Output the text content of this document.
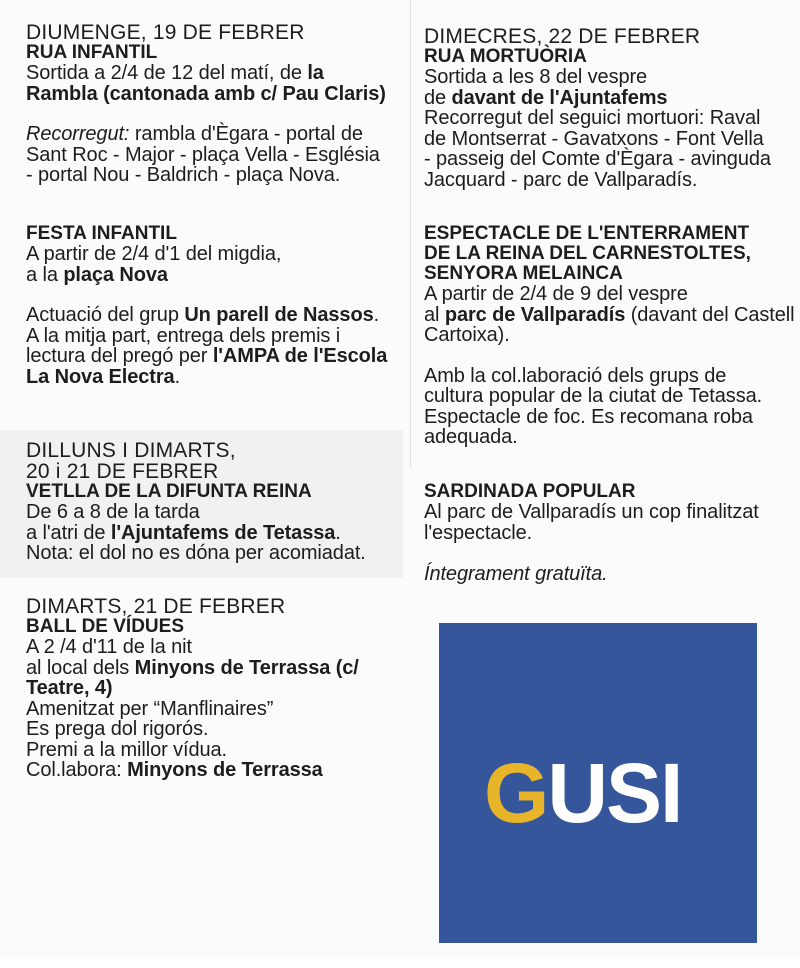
DIUMENGE, 19 DE FEBRER
RUA INFANTIL
Sortida a 2/4 de 12 del matí, de la
Rambla (cantonada amb c/ Pau Claris)
Recorregut: rambla d'Ègara - portal de
Sant Roc - Major - plaça Vella - Església
- portal Nou - Baldrich - plaça Nova.
FESTA INFANTIL
A partir de 2/4 d'1 del migdia,
a la plaça Nova
Actuació del grup Un parell de Nassos.
A la mitja part, entrega dels premis i
lectura del pregó per l'AMPA de l'Escola
La Nova Electra.
DILLUNS I DIMARTS,
20 i 21 DE FEBRER
VETLLA DE LA DIFUNTA REINA
De 6 a 8 de la tarda
a l'atri de l'Ajuntafems de Tetassa.
Nota: el dol no es dóna per acomiadat.
DIMARTS, 21 DE FEBRER
BALL DE VÍDUES
A 2 /4 d'11 de la nit
al local dels Minyons de Terrassa (c/
Teatre, 4)
Amenitzat per “Manflinaires”
Es prega dol rigorós.
Premi a la millor vídua.
Col.labora: Minyons de Terrassa
DIMECRES, 22 DE FEBRER
RUA MORTUÒRIA
Sortida a les 8 del vespre
de davant de l'Ajuntafems
Recorregut del seguici mortuori: Raval
de Montserrat - Gavatxons - Font Vella
- passeig del Comte d'Ègara - avinguda
Jacquard - parc de Vallparadís.
ESPECTACLE DE L'ENTERRAMENT
DE LA REINA DEL CARNESTOLTES,
SENYORA MELAINCA
A partir de 2/4 de 9 del vespre
al parc de Vallparadís (davant del Castell
Cartoixa).
Amb la col.laboració dels grups de
cultura popular de la ciutat de Tetassa.
Espectacle de foc. Es recomana roba
adequada.
SARDINADA POPULAR
Al parc de Vallparadís un cop finalitzat
l'espectacle.
Íntegrament gratuïta.
GUSI
